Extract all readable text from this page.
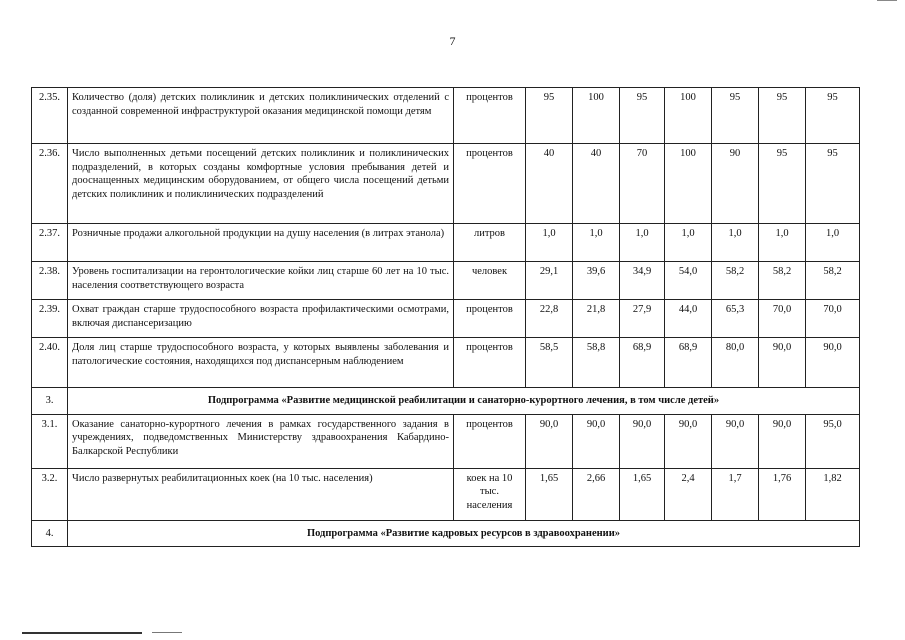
7
2.35.	Количество (доля) детских поликлиник и детских поликлинических отделений с созданной современной инфраструктурой оказания медицинской помощи детям	процентов	95	100	95	100	95	95	95
2.36.	Число выполненных детьми посещений детских поликлиник и поликлинических подразделений, в которых созданы комфортные условия пребывания детей и дооснащенных медицинским оборудованием, от общего числа посещений детьми детских поликлиник и поликлинических подразделений	процентов	40	40	70	100	90	95	95
2.37.	Розничные продажи алкогольной продукции на душу населения (в литрах этанола)	литров	1,0	1,0	1,0	1,0	1,0	1,0	1,0
2.38.	Уровень госпитализации на геронтологические койки лиц старше 60 лет на 10 тыс. населения соответствующего возраста	человек	29,1	39,6	34,9	54,0	58,2	58,2	58,2
2.39.	Охват граждан старше трудоспособного возраста профилактическими осмотрами, включая диспансеризацию	процентов	22,8	21,8	27,9	44,0	65,3	70,0	70,0
2.40.	Доля лиц старше трудоспособного возраста, у которых выявлены заболевания и патологические состояния, находящихся под диспансерным наблюдением	процентов	58,5	58,8	68,9	68,9	80,0	90,0	90,0
3.	Подпрограмма «Развитие медицинской реабилитации и санаторно-курортного лечения, в том числе детей»								
3.1.	Оказание санаторно-курортного лечения в рамках государственного задания в учреждениях, подведомственных Министерству здравоохранения Кабардино-Балкарской Республики	процентов	90,0	90,0	90,0	90,0	90,0	90,0	95,0
3.2.	Число развернутых реабилитационных коек (на 10 тыс. населения)	коек на 10 тыс. населения	1,65	2,66	1,65	2,4	1,7	1,76	1,82
4.	Подпрограмма «Развитие кадровых ресурсов в здравоохранении»								
